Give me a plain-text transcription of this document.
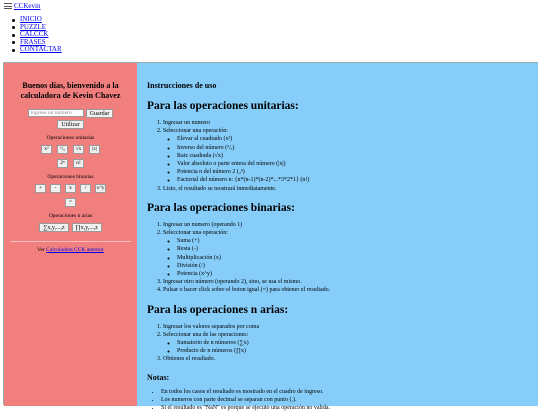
CCKevin
INICIO
PUZZLE
CALCCK
FRASES
CONTACTAR
Buenos días, bienvenido a la calculadora de Kevin Chavez
ingrese un número	Guardar
Utilizar
Operaciones unitarias
x²	¹/ₓ	√x	|x|
2ⁿ	n!
Operaciones binarias
+	-	x	/	x^y
=
Operaciones n arias
∑x,y,...,z	∏x,y,...,z
Ver Calculadora CCK anterior
Instrucciones de uso
Para las operaciones unitarias:
1. Ingresar un numero
2. Seleccionar una operación:
◦ Elevar al cuadrado (x²)
◦ Inverso del número (¹/ₓ)
◦ Raiz cuadrada (√x)
◦ Valor absoluto o parte entera del número (|x|)
◦ Potencia n del número 2 (₂ⁿ)
◦ Factorial del número n: {n*(n-1)*(n-2)*...*3*2*1} (n!)
3. Listo, el resultado se mostrará inmediatamente.
Para las operaciones binarias:
1. Ingresar un numero (operando 1)
2. Seleccionar una operación:
◦ Suma (+)
◦ Resta (-)
◦ Multiplicación (x)
◦ División (/)
◦ Potencia (x^y)
3. Ingresar otro número (operando 2), sino, se usa el mismo.
4. Pulsar o hacer click sobre el boton igual (=) para obtener el resultado.
Para las operaciones n arias:
1. Ingresar los valores separados por coma
2. Seleccionar una de las operaciones:
◦ Sumatorio de n números (∑x)
◦ Producto de n números (∏x)
3. Obtienes el resultado.
Notas:
• En todos los casos el resultado es mostrado en el cuadro de ingreso.
• Los numeros con parte decimal se separan con punto (.).
• Si el resultado es "NaN" es porque se ejecuto una operación no valida.
